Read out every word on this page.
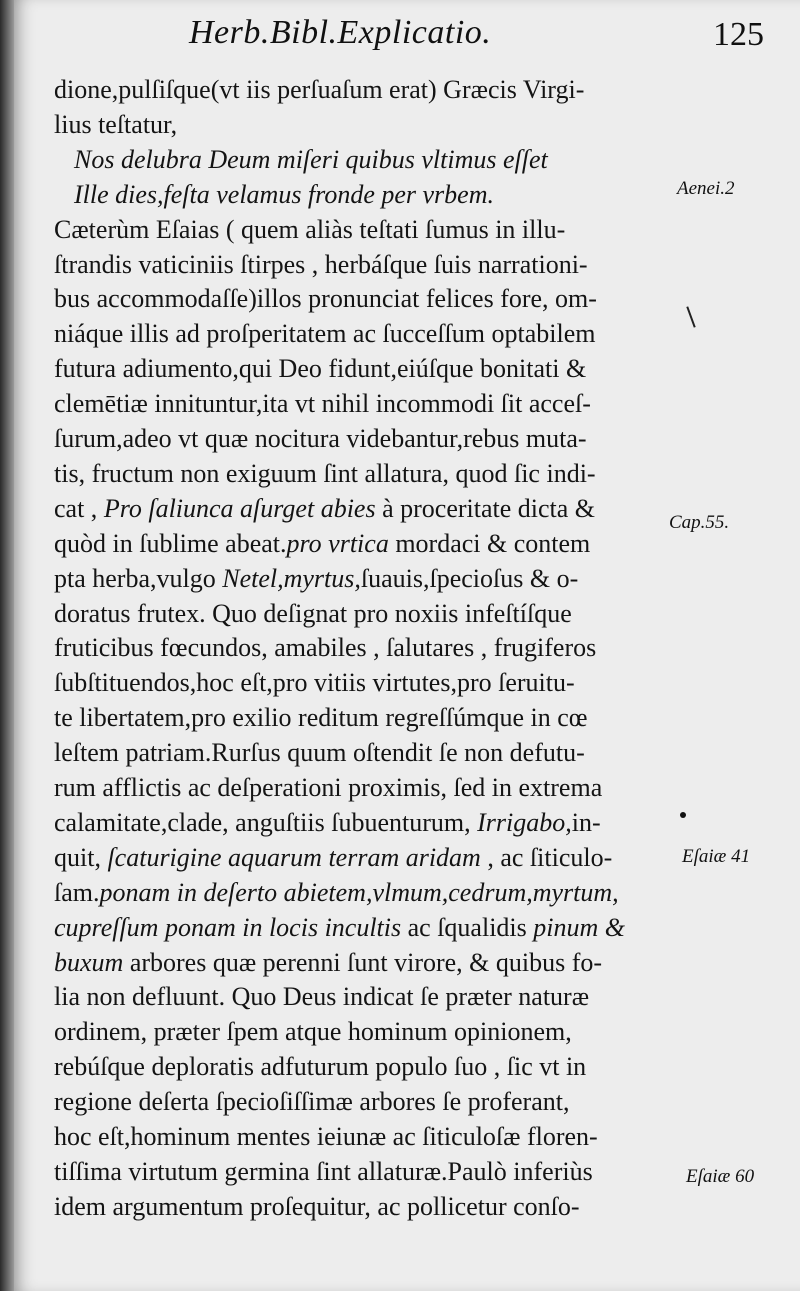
Herb.Bibl.Explicatio.	125
dione,pulſiſque(vt iis perſuaſum erat) Græcis Virgi-
lius teſtatur,
Nos delubra Deum miſeri quibus vltimus eſſet
Ille dies,feſta velamus fronde per vrbem.
Cæterùm Eſaias ( quem aliàs teſtati ſumus in illu-
ſtrandis vaticiniis ſtirpes , herbáſque ſuis narrationi-
bus accommodaſſe)illos pronunciat felices fore, om-
niáque illis ad proſperitatem ac ſucceſſum optabilem
futura adiumento,qui Deo fidunt,eiúſque bonitati &
clemētiæ innituntur,ita vt nihil incommodi ſit acceſ-
ſurum,adeo vt quæ nocitura videbantur,rebus muta-
tis, fructum non exiguum ſint allatura, quod ſic indi-
cat , Pro ſaliunca aſurget abies à proceritate dicta &
quòd in ſublime abeat.pro vrtica mordaci & contem
pta herba,vulgo Netel,myrtus,ſuauis,ſpecioſus & o-
doratus frutex. Quo deſignat pro noxiis infeſtíſque
fruticibus fœcundos, amabiles , ſalutares , frugiferos
ſubſtituendos,hoc eſt,pro vitiis virtutes,pro ſeruitu-
te libertatem,pro exilio reditum regreſſúmque in cœ
leſtem patriam.Rurſus quum oſtendit ſe non defutu-
rum afflictis ac deſperationi proximis, ſed in extrema
calamitate,clade, anguſtiis ſubuenturum, Irrigabo,in-
quit, ſcaturigine aquarum terram aridam , ac ſiticulo-
ſam.ponam in deſerto abietem,vlmum,cedrum,myrtum,
cupreſſum ponam in locis incultis ac ſqualidis pinum &
buxum arbores quæ perenni ſunt virore, & quibus fo-
lia non defluunt. Quo Deus indicat ſe præter naturæ
ordinem, præter ſpem atque hominum opinionem,
rebúſque deploratis adfuturum populo ſuo , ſic vt in
regione deſerta ſpecioſiſſimæ arbores ſe proferant,
hoc eſt,hominum mentes ieiunæ ac ſiticuloſæ floren-
tiſſima virtutum germina ſint allaturæ.Paulò inferiùs
idem argumentum proſequitur, ac pollicetur conſo-
Aenei.2
Cap.55.
Eſaiæ 41
Eſaiæ 60
